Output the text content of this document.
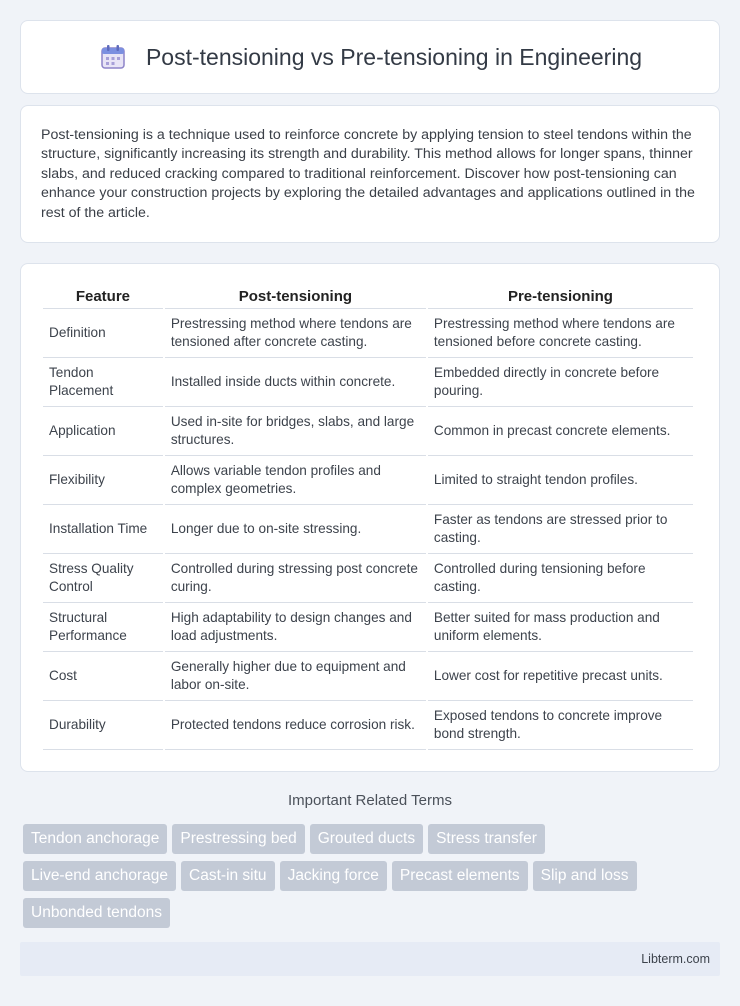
Post-tensioning vs Pre-tensioning in Engineering

Post-tensioning is a technique used to reinforce concrete by applying tension to steel tendons within the structure, significantly increasing its strength and durability. This method allows for longer spans, thinner slabs, and reduced cracking compared to traditional reinforcement. Discover how post-tensioning can enhance your construction projects by exploring the detailed advantages and applications outlined in the rest of the article.

Feature	Post-tensioning	Pre-tensioning
Definition	Prestressing method where tendons are tensioned after concrete casting.	Prestressing method where tendons are tensioned before concrete casting.
Tendon Placement	Installed inside ducts within concrete.	Embedded directly in concrete before pouring.
Application	Used in-site for bridges, slabs, and large structures.	Common in precast concrete elements.
Flexibility	Allows variable tendon profiles and complex geometries.	Limited to straight tendon profiles.
Installation Time	Longer due to on-site stressing.	Faster as tendons are stressed prior to casting.
Stress Quality Control	Controlled during stressing post concrete curing.	Controlled during tensioning before casting.
Structural Performance	High adaptability to design changes and load adjustments.	Better suited for mass production and uniform elements.
Cost	Generally higher due to equipment and labor on-site.	Lower cost for repetitive precast units.
Durability	Protected tendons reduce corrosion risk.	Exposed tendons to concrete improve bond strength.
Important Related Terms
Tendon anchorage Prestressing bed Grouted ducts Stress transfer
Live-end anchorage Cast-in situ Jacking force Precast elements Slip and loss
Unbonded tendons
Libterm.com
